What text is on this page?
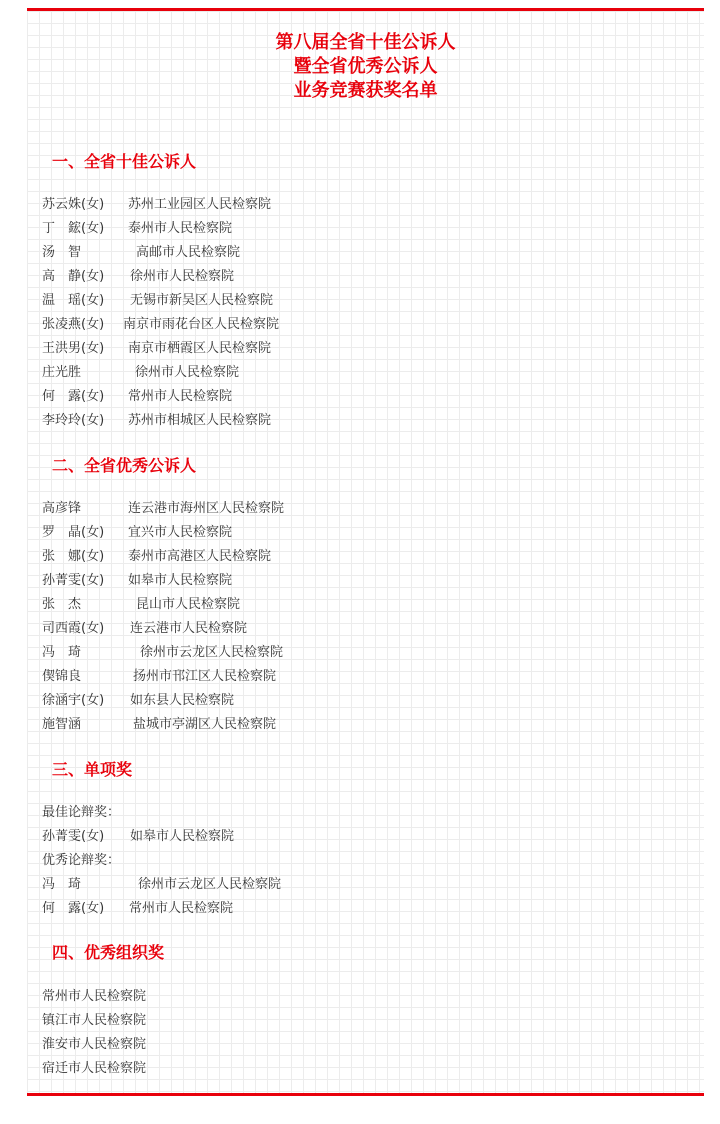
第八届全省十佳公诉人
暨全省优秀公诉人
业务竞赛获奖名单
一、全省十佳公诉人
苏云姝(女)	苏州工业园区人民检察院
丁　鋐(女)	泰州市人民检察院
汤　智	高邮市人民检察院
高　静(女)	徐州市人民检察院
温　瑶(女)	无锡市新吴区人民检察院
张凌燕(女)	南京市雨花台区人民检察院
王洪男(女)	南京市栖霞区人民检察院
庄光胜	徐州市人民检察院
何　露(女)	常州市人民检察院
李玲玲(女)	苏州市相城区人民检察院
二、全省优秀公诉人
高彦锋	连云港市海州区人民检察院
罗　晶(女)	宜兴市人民检察院
张　娜(女)	泰州市高港区人民检察院
孙菁雯(女)	如皋市人民检察院
张　杰	昆山市人民检察院
司西霞(女)	连云港市人民检察院
冯　琦	徐州市云龙区人民检察院
偰锦良	扬州市邗江区人民检察院
徐涵宇(女)	如东县人民检察院
施智涵	盐城市亭湖区人民检察院
三、单项奖
最佳论辩奖：
孙菁雯(女)	如皋市人民检察院
优秀论辩奖：
冯　琦	徐州市云龙区人民检察院
何　露(女)	常州市人民检察院
四、优秀组织奖
常州市人民检察院
镇江市人民检察院
淮安市人民检察院
宿迁市人民检察院
